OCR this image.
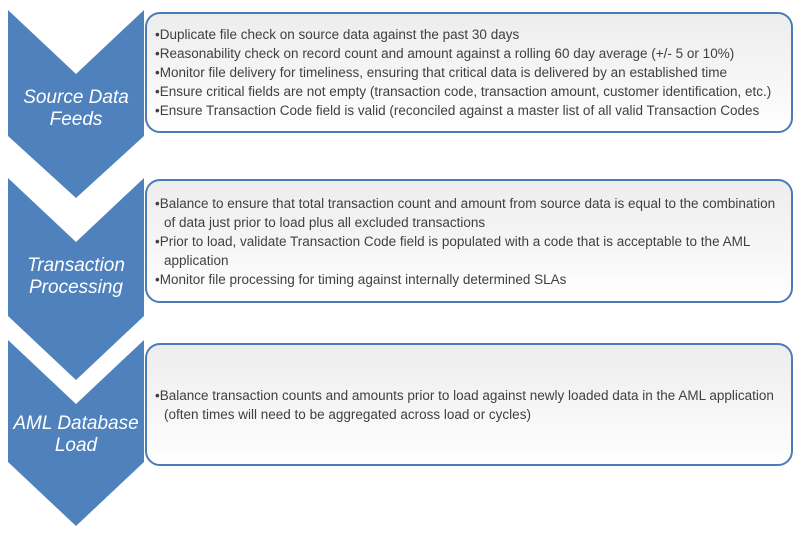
Source Data Feeds
Transaction Processing
AML Database Load
• Duplicate file check on source data against the past 30 days
• Reasonability check on record count and amount against a rolling 60 day average (+/- 5 or 10%)
• Monitor file delivery for timeliness, ensuring that critical data is delivered by an established time
• Ensure critical fields are not empty (transaction code, transaction amount, customer identification, etc.)
• Ensure Transaction Code field is valid (reconciled against a master list of all valid Transaction Codes
• Balance to ensure that total transaction count and amount from source data is equal to the combination of data just prior to load plus all excluded transactions
• Prior to load, validate Transaction Code field is populated with a code that is acceptable to the AML application
• Monitor file processing for timing against internally determined SLAs
• Balance transaction counts and amounts prior to load against newly loaded data in the AML application (often times will need to be aggregated across load or cycles)
